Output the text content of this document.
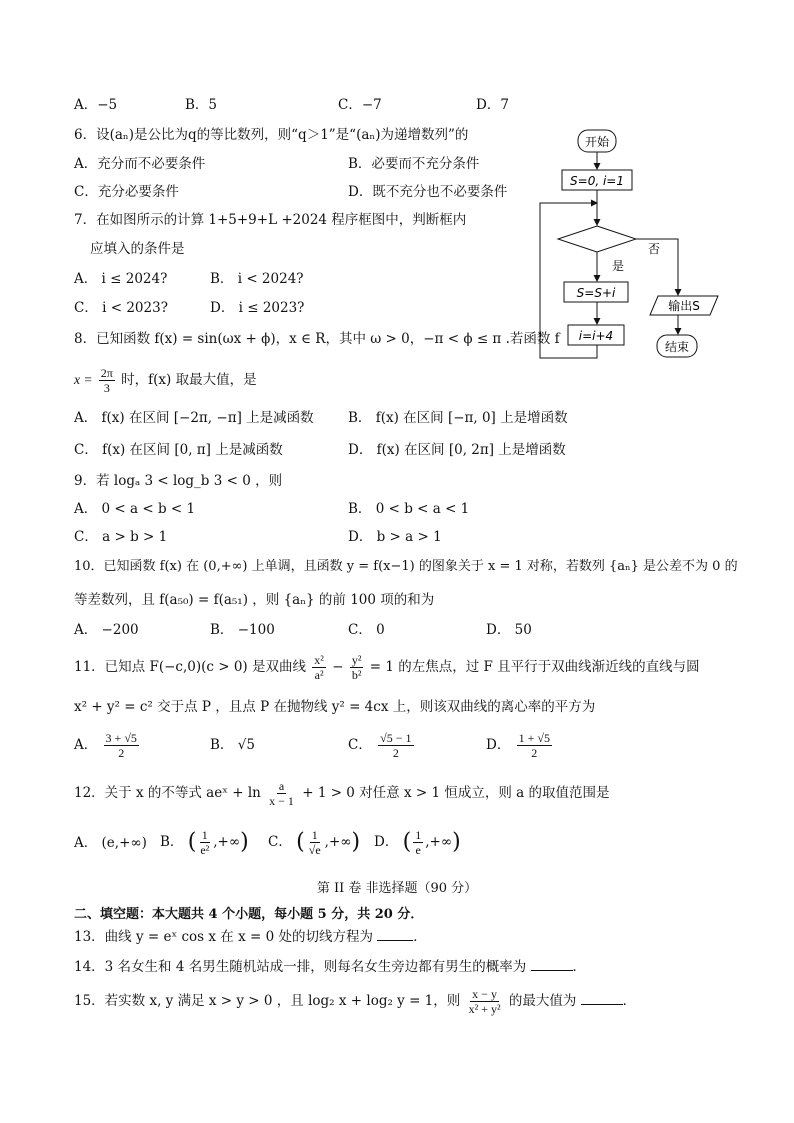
A．−5	B．5	C．−7	D．7
6．设(aₙ)是公比为q的等比数列，则“q＞1”是“(aₙ)为递增数列”的
A．充分而不必要条件	B．必要而不充分条件
C．充分必要条件	D．既不充分也不必要条件
7．在如图所示的计算 1+5+9+L +2024 程序框图中，判断框内
应填入的条件是
A． i ≤ 2024?	B． i < 2024?
C． i < 2023?	D． i ≤ 2023?
开始
S=0, i=1
是
否
S=S+i
i=i+4
输出S
结束
8．已知函数 f(x) = sin(ωx + ϕ)，x ∈ R，其中 ω > 0，−π < ϕ ≤ π .若函数 f
$x = \frac{2\pi}{3}$ 时，f(x) 取最大值，是
A． f(x) 在区间 [−2π, −π] 上是减函数	B． f(x) 在区间 [−π, 0] 上是增函数
C． f(x) 在区间 [0, π] 上是减函数	D． f(x) 在区间 [0, 2π] 上是增函数
9．若 logₐ 3 < log_b 3 < 0 ，则
A． 0 < a < b < 1	B． 0 < b < a < 1
C． a > b > 1	D． b > a > 1
10．已知函数 f(x) 在 (0,+∞) 上单调，且函数 y = f(x−1) 的图象关于 x = 1 对称，若数列 {aₙ} 是公差不为 0 的
等差数列，且 f(a₅₀) = f(a₅₁) ，则 {aₙ} 的前 100 项的和为
A． −200	B． −100	C． 0	D． 50
11．已知点 F(−c,0)(c > 0) 是双曲线 $\frac{\text{x²}}{\text{a²}} - \frac{\text{y²}}{\text{b²}} = 1$ 的左焦点，过 F 且平行于双曲线渐近线的直线与圆
x² + y² = c² 交于点 P ，且点 P 在抛物线 y² = 4cx 上，则该双曲线的离心率的平方为
A． $\frac{3 + √5}{2}$	B． √5	C． $\frac{√5 - 1}{2}$	D． $\frac{1 + √5}{2}$
12．关于 x 的不等式 aeˣ + $\ln \frac{a}{x - 1} + 1 > 0$ 对任意 x > 1 恒成立，则 a 的取值范围是
A． (e,+∞) B． ( $\frac{1}{\text{e²}}$ ,+∞) C． ( $\frac{1}{√e}$ ,+∞) D． ( $\frac{1}{e}$ ,+∞)
第 II 卷 非选择题（90 分）
二、填空题：本大题共 4 个小题，每小题 5 分，共 20 分．
13．曲线 y = eˣ cos x 在 x = 0 处的切线方程为	．
14．3 名女生和 4 名男生随机站成一排，则每名女生旁边都有男生的概率为	．
15．若实数 x, y 满足 x > y > 0 ，且 log₂ x + log₂ y = 1，则 $\frac{x - y}{\text{x² + y²}}$ 的最大值为	．
